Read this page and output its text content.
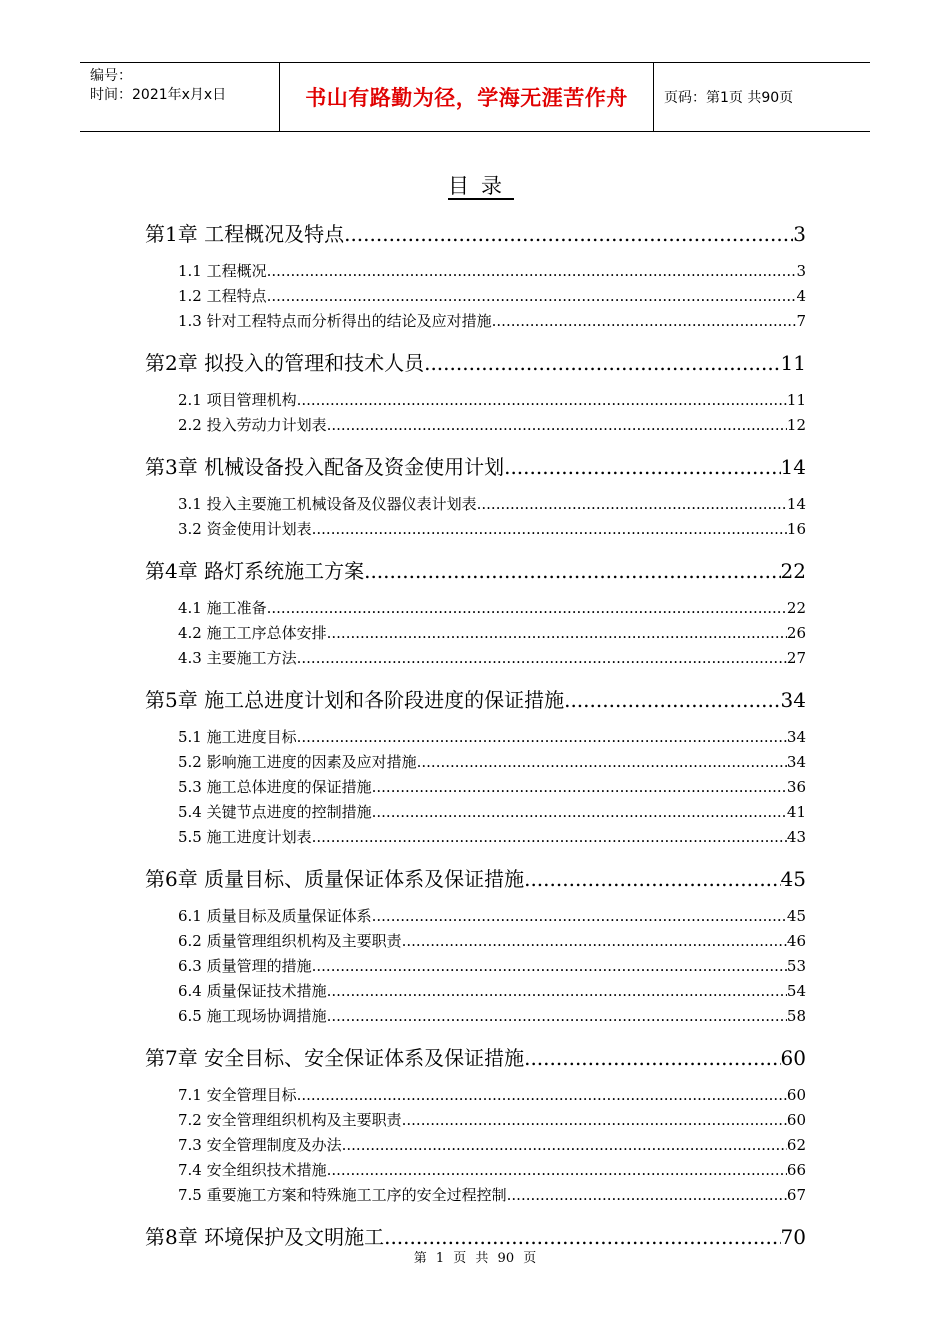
编号：
时间：2021年x月x日	书山有路勤为径，学海无涯苦作舟	页码：第1页 共90页
目录
第1章 工程概况及特点 .....	3
1.1 工程概况 .....	3
1.2 工程特点 .....	4
1.3 针对工程特点而分析得出的结论及应对措施 .....	7
第2章 拟投入的管理和技术人员 .....	11
2.1 项目管理机构 .....	11
2.2 投入劳动力计划表 .....	12
第3章 机械设备投入配备及资金使用计划 .....	14
3.1 投入主要施工机械设备及仪器仪表计划表 .....	14
3.2 资金使用计划表 .....	16
第4章 路灯系统施工方案 .....	22
4.1 施工准备 .....	22
4.2 施工工序总体安排 .....	26
4.3 主要施工方法 .....	27
第5章 施工总进度计划和各阶段进度的保证措施 .....	34
5.1 施工进度目标 .....	34
5.2 影响施工进度的因素及应对措施 .....	34
5.3 施工总体进度的保证措施 .....	36
5.4 关键节点进度的控制措施 .....	41
5.5 施工进度计划表 .....	43
第6章 质量目标、质量保证体系及保证措施 .....	45
6.1 质量目标及质量保证体系 .....	45
6.2 质量管理组织机构及主要职责 .....	46
6.3 质量管理的措施 .....	53
6.4 质量保证技术措施 .....	54
6.5 施工现场协调措施 .....	58
第7章 安全目标、安全保证体系及保证措施 .....	60
7.1 安全管理目标 .....	60
7.2 安全管理组织机构及主要职责 .....	60
7.3 安全管理制度及办法 .....	62
7.4 安全组织技术措施 .....	66
7.5 重要施工方案和特殊施工工序的安全过程控制 .....	67
第8章 环境保护及文明施工 .....	70
第 1 页 共 90 页
